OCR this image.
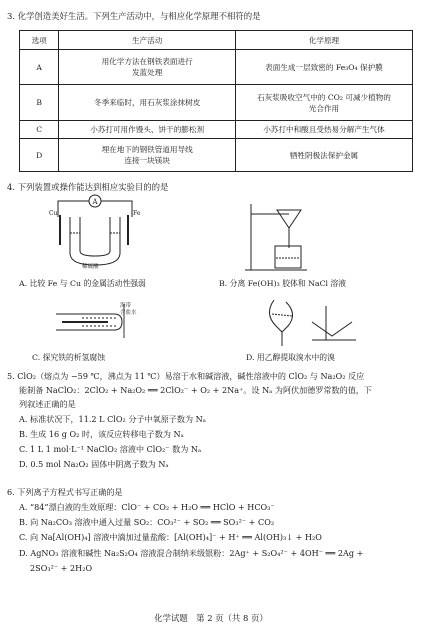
3. 化学创造美好生活。下列生产活动中，与相应化学原理不相符的是
选项	生产活动	化学原理
A	用化学方法在钢铁表面进行
发蓝处理	表面生成一层致密的 Fe₃O₄ 保护膜
B	冬季来临时，用石灰浆涂抹树皮	石灰浆吸收空气中的 CO₂ 可减少植物的
光合作用
C	小苏打可用作馒头、饼干的膨松剂	小苏打中和酸且受热易分解产生气体
D	埋在地下的钢铁管道用导线
连接一块镁块	牺牲阴极法保护金属
4. 下列装置或操作能达到相应实验目的的是
A
Cu	Fe
稀硫酸
海带
含盐水
A. 比较 Fe 与 Cu 的金属活动性强弱	B. 分离 Fe(OH)₃ 胶体和 NaCl 溶液
C. 探究铁的析氢腐蚀	D. 用乙醇提取溴水中的溴
5. ClO₂（熔点为 −59 ℃，沸点为 11 ℃）易溶于水和碱溶液，碱性溶液中的 ClO₂ 与 Na₂O₂ 反应
能制备 NaClO₂：2ClO₂ + Na₂O₂ ══ 2ClO₂⁻ + O₂ + 2Na⁺。设 Nₐ 为阿伏加德罗常数的值，下
列叙述正确的是
A. 标准状况下，11.2 L ClO₂ 分子中氧原子数为 Nₐ
B. 生成 16 g O₂ 时，该反应转移电子数为 Nₐ
C. 1 L 1 mol·L⁻¹ NaClO₂ 溶液中 ClO₂⁻ 数为 Nₐ
D. 0.5 mol Na₂O₂ 固体中阴离子数为 Nₐ
6. 下列离子方程式书写正确的是
A. “84”漂白液的生效原理：ClO⁻ + CO₂ + H₂O ══ HClO + HCO₃⁻
B. 向 Na₂CO₃ 溶液中通入过量 SO₂：CO₃²⁻ + SO₂ ══ SO₃²⁻ + CO₂
C. 向 Na[Al(OH)₄] 溶液中滴加过量盐酸：[Al(OH)₄]⁻ + H⁺ ══ Al(OH)₃↓ + H₂O
D. AgNO₃ 溶液和碱性 Na₂S₂O₄ 溶液混合制纳米级银粉：2Ag⁺ + S₂O₄²⁻ + 4OH⁻ ══ 2Ag +
2SO₃²⁻ + 2H₂O
化学试题　第 2 页（共 8 页）
